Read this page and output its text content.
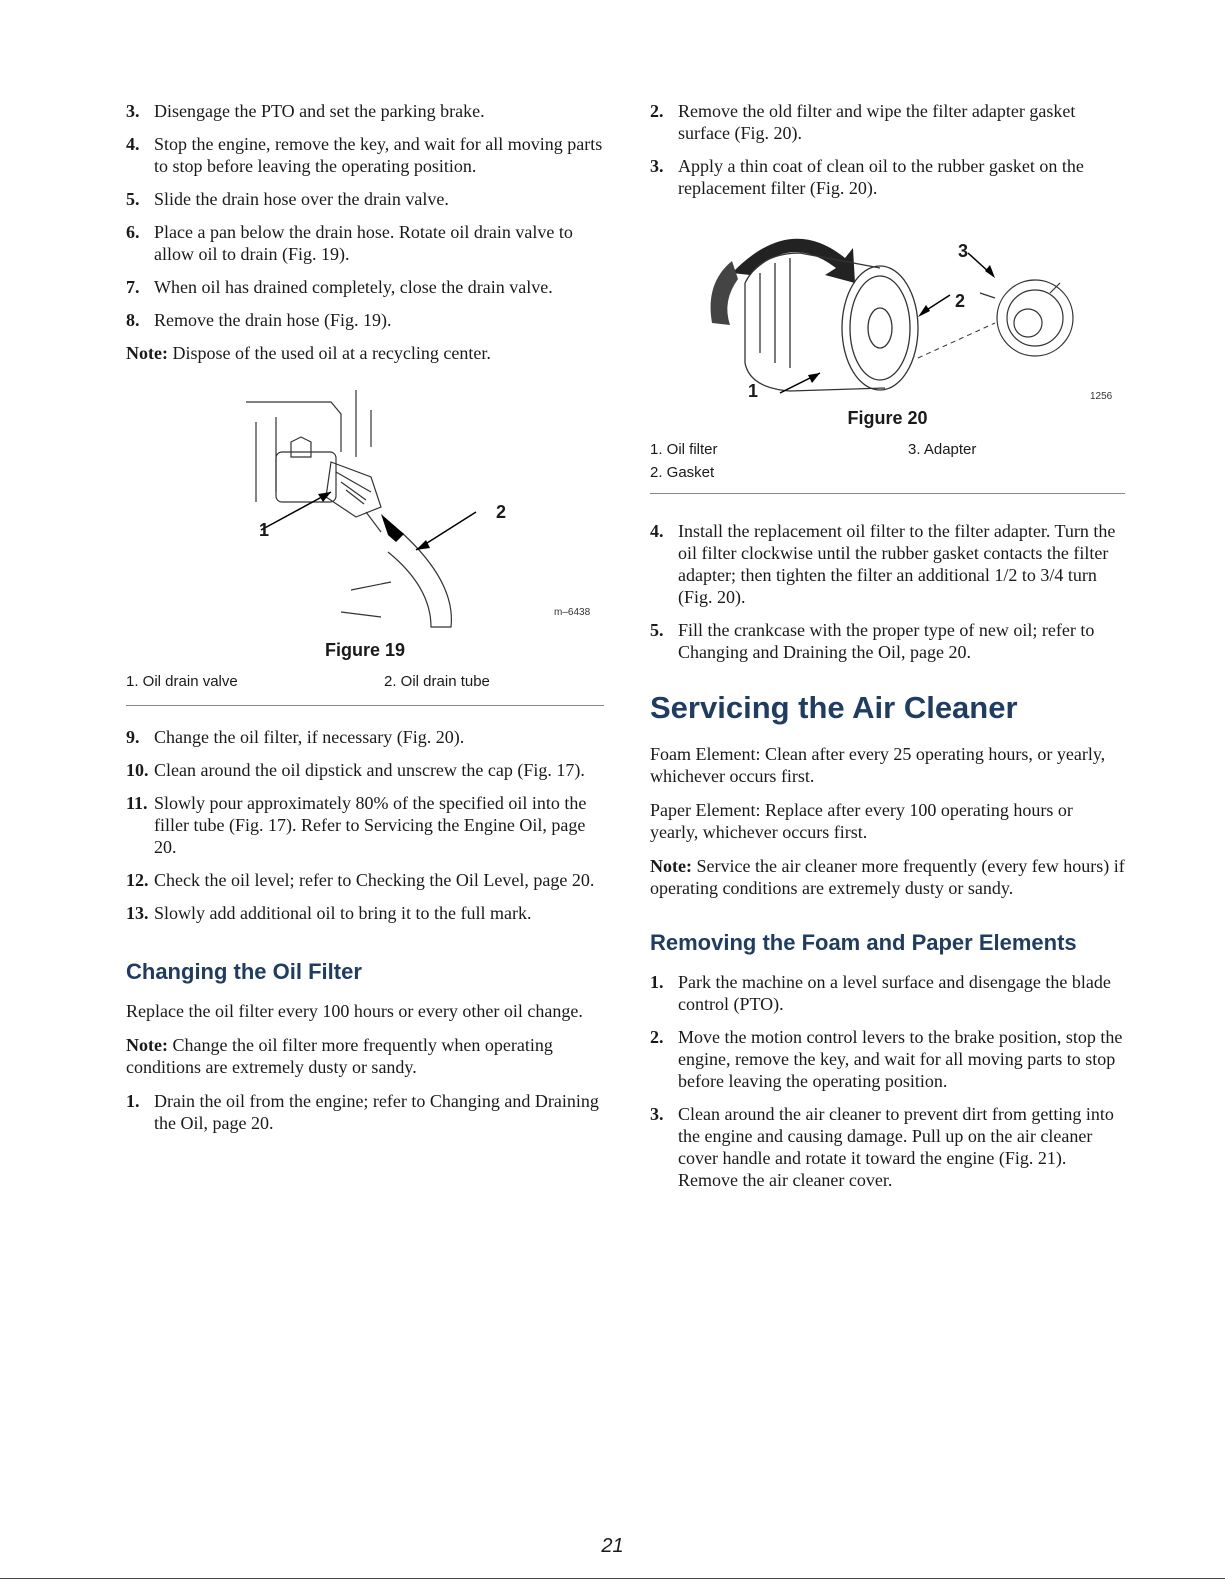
3. Disengage the PTO and set the parking brake.
4. Stop the engine, remove the key, and wait for all moving parts to stop before leaving the operating position.
5. Slide the drain hose over the drain valve.
6. Place a pan below the drain hose. Rotate oil drain valve to allow oil to drain (Fig. 19).
7. When oil has drained completely, close the drain valve.
8. Remove the drain hose (Fig. 19).

Note: Dispose of the used oil at a recycling center.

1
2
m–6438
Figure 19
1. Oil drain valve	2. Oil drain tube
9. Change the oil filter, if necessary (Fig. 20).
10. Clean around the oil dipstick and unscrew the cap (Fig. 17).
11. Slowly pour approximately 80% of the specified oil into the filler tube (Fig. 17). Refer to Servicing the Engine Oil, page 20.
12. Check the oil level; refer to Checking the Oil Level, page 20.
13. Slowly add additional oil to bring it to the full mark.
Changing the Oil Filter

Replace the oil filter every 100 hours or every other oil change.

Note: Change the oil filter more frequently when operating conditions are extremely dusty or sandy.

1. Drain the oil from the engine; refer to Changing and Draining the Oil, page 20.
2. Remove the old filter and wipe the filter adapter gasket surface (Fig. 20).
3. Apply a thin coat of clean oil to the rubber gasket on the replacement filter (Fig. 20).
1
2
3
1256
Figure 20
1. Oil filter	3. Adapter
2. Gasket
4. Install the replacement oil filter to the filter adapter. Turn the oil filter clockwise until the rubber gasket contacts the filter adapter; then tighten the filter an additional 1/2 to 3/4 turn (Fig. 20).
5. Fill the crankcase with the proper type of new oil; refer to Changing and Draining the Oil, page 20.
Servicing the Air Cleaner

Foam Element: Clean after every 25 operating hours, or yearly, whichever occurs first.

Paper Element: Replace after every 100 operating hours or yearly, whichever occurs first.

Note: Service the air cleaner more frequently (every few hours) if operating conditions are extremely dusty or sandy.

Removing the Foam and Paper Elements
1. Park the machine on a level surface and disengage the blade control (PTO).
2. Move the motion control levers to the brake position, stop the engine, remove the key, and wait for all moving parts to stop before leaving the operating position.
3. Clean around the air cleaner to prevent dirt from getting into the engine and causing damage. Pull up on the air cleaner cover handle and rotate it toward the engine (Fig. 21). Remove the air cleaner cover.
21
